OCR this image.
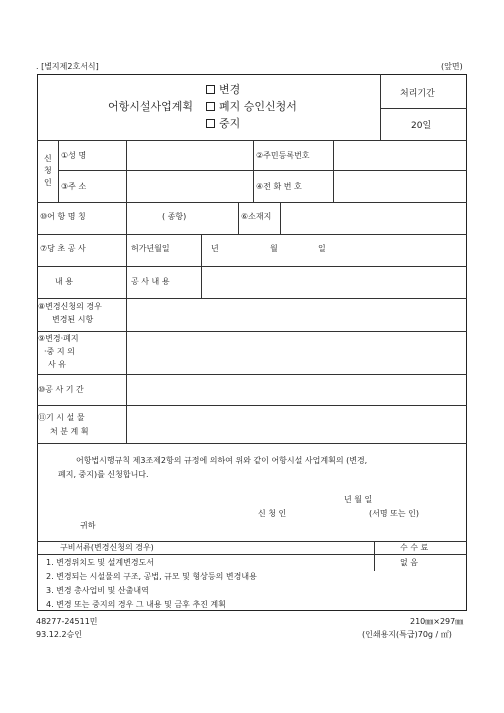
. [별지제2호서식]	(앞면)
어항시설사업계획
변경
폐지 승인신청서
중지
처리기간
20일
신
청
인
①성 명	②주민등록번호
③주 소	④전 화 번 호
⑩어 항 명 칭	( 종항)	⑥소재지
⑦당 초 공 사	허가년월일	년	월	일
내 용	공 사 내 용
⑧변경신청의 경우
변경된 시항
⑨변경·폐지
·중 지 의
사 유
⑩공 사 기 간
⑪기 시 설 물
처 분 계 획
어항법시행규칙 제3조제2항의 규정에 의하여 위와 같이 어항시설 사업계획의 (변경,
폐지, 중지)를 신청합니다.
년 월 일
신 청 인	(서명 또는 인)
귀하
구비서류(변경신청의 경우)	수 수 료
없 음
1. 변경위치도 및 설계변경도서
2. 변경되는 시설물의 구조, 공법, 규모 및 형상등의 변경내용
3. 변경 총사업비 및 산출내역
4. 변경 또는 중지의 경우 그 내용 및 금후 추진 계획
48277-24511민
93.12.2승인
210㎜×297㎜
(인쇄용지(특급)70g / ㎡)
